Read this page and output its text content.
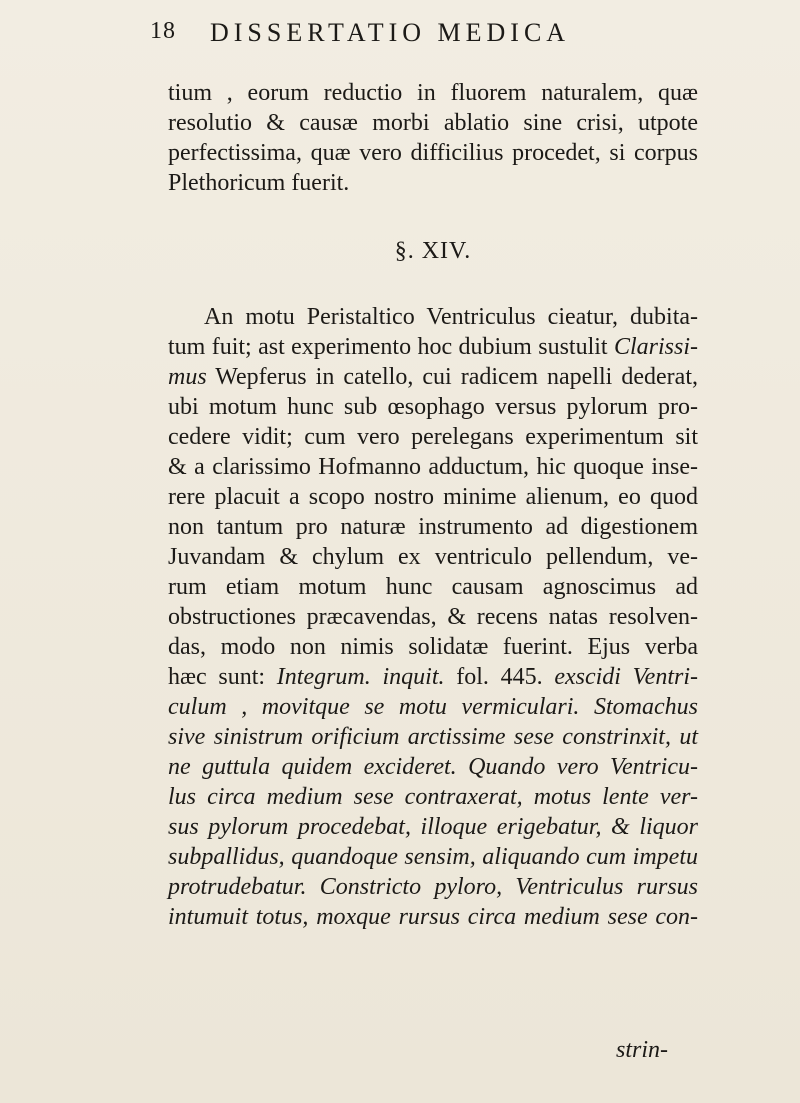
18 DISSERTATIO MEDICA
tium , eorum reductio in fluorem naturalem, quæ
resolutio & causæ morbi ablatio sine crisi, utpote
perfectissima, quæ vero difficilius procedet, si corpus
Plethoricum fuerit.
§. XIV.
An motu Peristaltico Ventriculus cieatur, dubita-
tum fuit; ast experimento hoc dubium sustulit Clarissi-
mus Wepferus in catello, cui radicem napelli dederat,
ubi motum hunc sub œsophago versus pylorum pro-
cedere vidit; cum vero perelegans experimentum sit
& a clarissimo Hofmanno adductum, hic quoque inse-
rere placuit a scopo nostro minime alienum, eo quod
non tantum pro naturæ instrumento ad digestionem
Juvandam & chylum ex ventriculo pellendum, ve-
rum etiam motum hunc causam agnoscimus ad
obstructiones præcavendas, & recens natas resolven-
das, modo non nimis solidatæ fuerint. Ejus verba
hæc sunt: Integrum. inquit. fol. 445. exscidi Ventri-
culum , movitque se motu vermiculari. Stomachus
sive sinistrum orificium arctissime sese constrinxit, ut
ne guttula quidem excideret. Quando vero Ventricu-
lus circa medium sese contraxerat, motus lente ver-
sus pylorum procedebat, illoque erigebatur, & liquor
subpallidus, quandoque sensim, aliquando cum impetu
protrudebatur. Constricto pyloro, Ventriculus rursus
intumuit totus, moxque rursus circa medium sese con-
strin-
